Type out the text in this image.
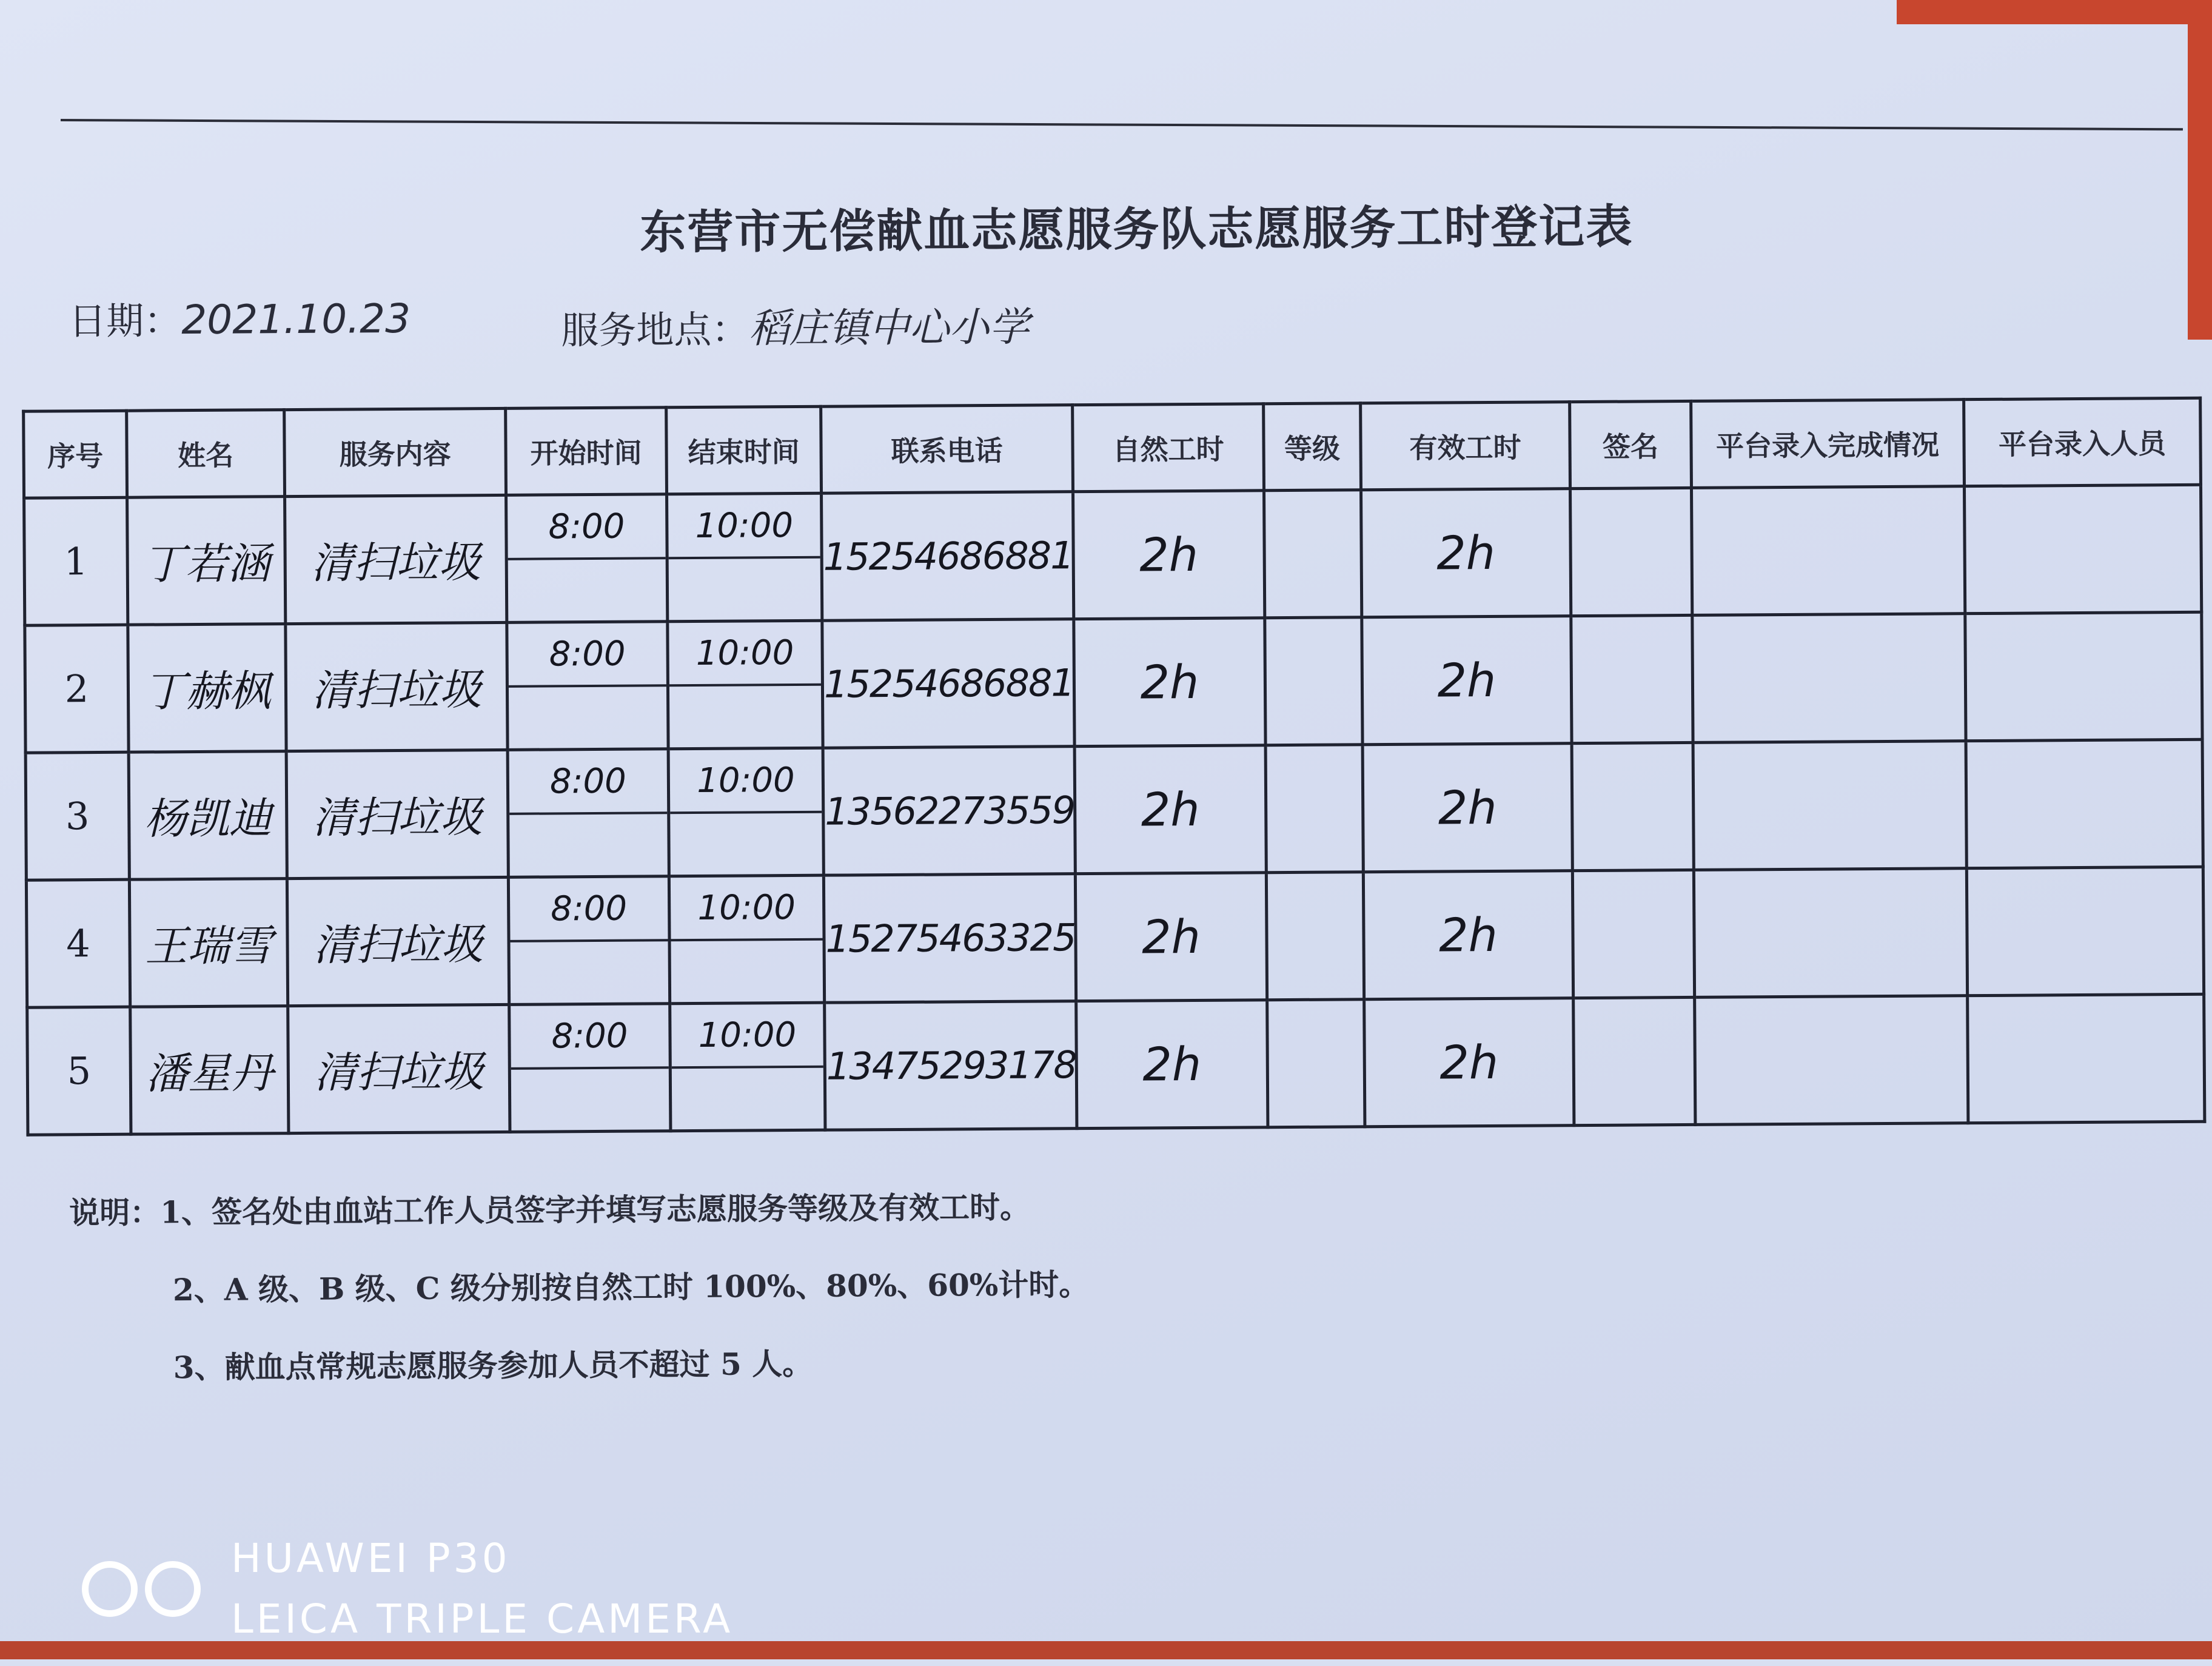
东营市无偿献血志愿服务队志愿服务工时登记表
日期：2021.10.23	服务地点：稻庄镇中心小学
序号	姓名	服务内容	开始时间	结束时间	联系电话	自然工时	等级	有效工时	签名	平台录入完成情况	平台录入人员
1	丁若涵	清扫垃圾	8:00	10:00	15254686881	2h		2h			
2	丁赫枫	清扫垃圾	8:00	10:00	15254686881	2h		2h			
3	杨凯迪	清扫垃圾	8:00	10:00	13562273559	2h		2h			
4	王瑞雪	清扫垃圾	8:00	10:00	15275463325	2h		2h			
5	潘星丹	清扫垃圾	8:00	10:00	13475293178	2h		2h			
说明：1、签名处由血站工作人员签字并填写志愿服务等级及有效工时。
2、A 级、B 级、C 级分别按自然工时 100%、80%、60%计时。
3、献血点常规志愿服务参加人员不超过 5 人。
HUAWEI P30
LEICA TRIPLE CAMERA
